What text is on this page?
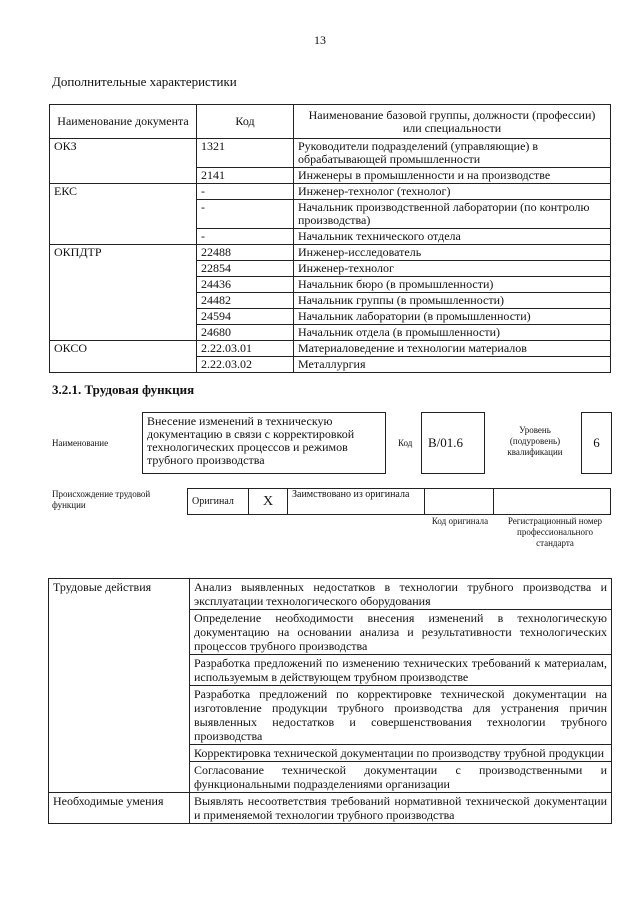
13
Дополнительные характеристики
Наименование документа	Код	Наименование базовой группы, должности (профессии) или специальности
ОКЗ	1321	Руководители подразделений (управляющие) в обрабатывающей промышленности
	2141	Инженеры в промышленности и на производстве
ЕКС	-	Инженер-технолог (технолог)
	-	Начальник производственной лаборатории (по контролю производства)
	-	Начальник технического отдела
ОКПДТР	22488	Инженер-исследователь
	22854	Инженер-технолог
	24436	Начальник бюро (в промышленности)
	24482	Начальник группы (в промышленности)
	24594	Начальник лаборатории (в промышленности)
	24680	Начальник отдела (в промышленности)
ОКСО	2.22.03.01	Материаловедение и технологии материалов
	2.22.03.02	Металлургия
3.2.1. Трудовая функция
Наименование
Внесение изменений в техническую документацию в связи с корректировкой технологических процессов и режимов трубного производства
Код	В/01.6
Уровень (подуровень) квалификации
6
Происхождение трудовой функции	Оригинал	X	Заимствовано из оригинала		
Код оригинала	Регистрационный номер профессионального стандарта
Трудовые действия	Анализ выявленных недостатков в технологии трубного производства и эксплуатации технологического оборудования
	Определение необходимости внесения изменений в технологическую документацию на основании анализа и результативности технологических процессов трубного производства
	Разработка предложений по изменению технических требований к материалам, используемым в действующем трубном производстве
	Разработка предложений по корректировке технической документации на изготовление продукции трубного производства для устранения причин выявленных недостатков и совершенствования технологии трубного производства
	Корректировка технической документации по производству трубной продукции
	Согласование технической документации с производственными и функциональными подразделениями организации
Необходимые умения	Выявлять несоответствия требований нормативной технической документации и применяемой технологии трубного производства
